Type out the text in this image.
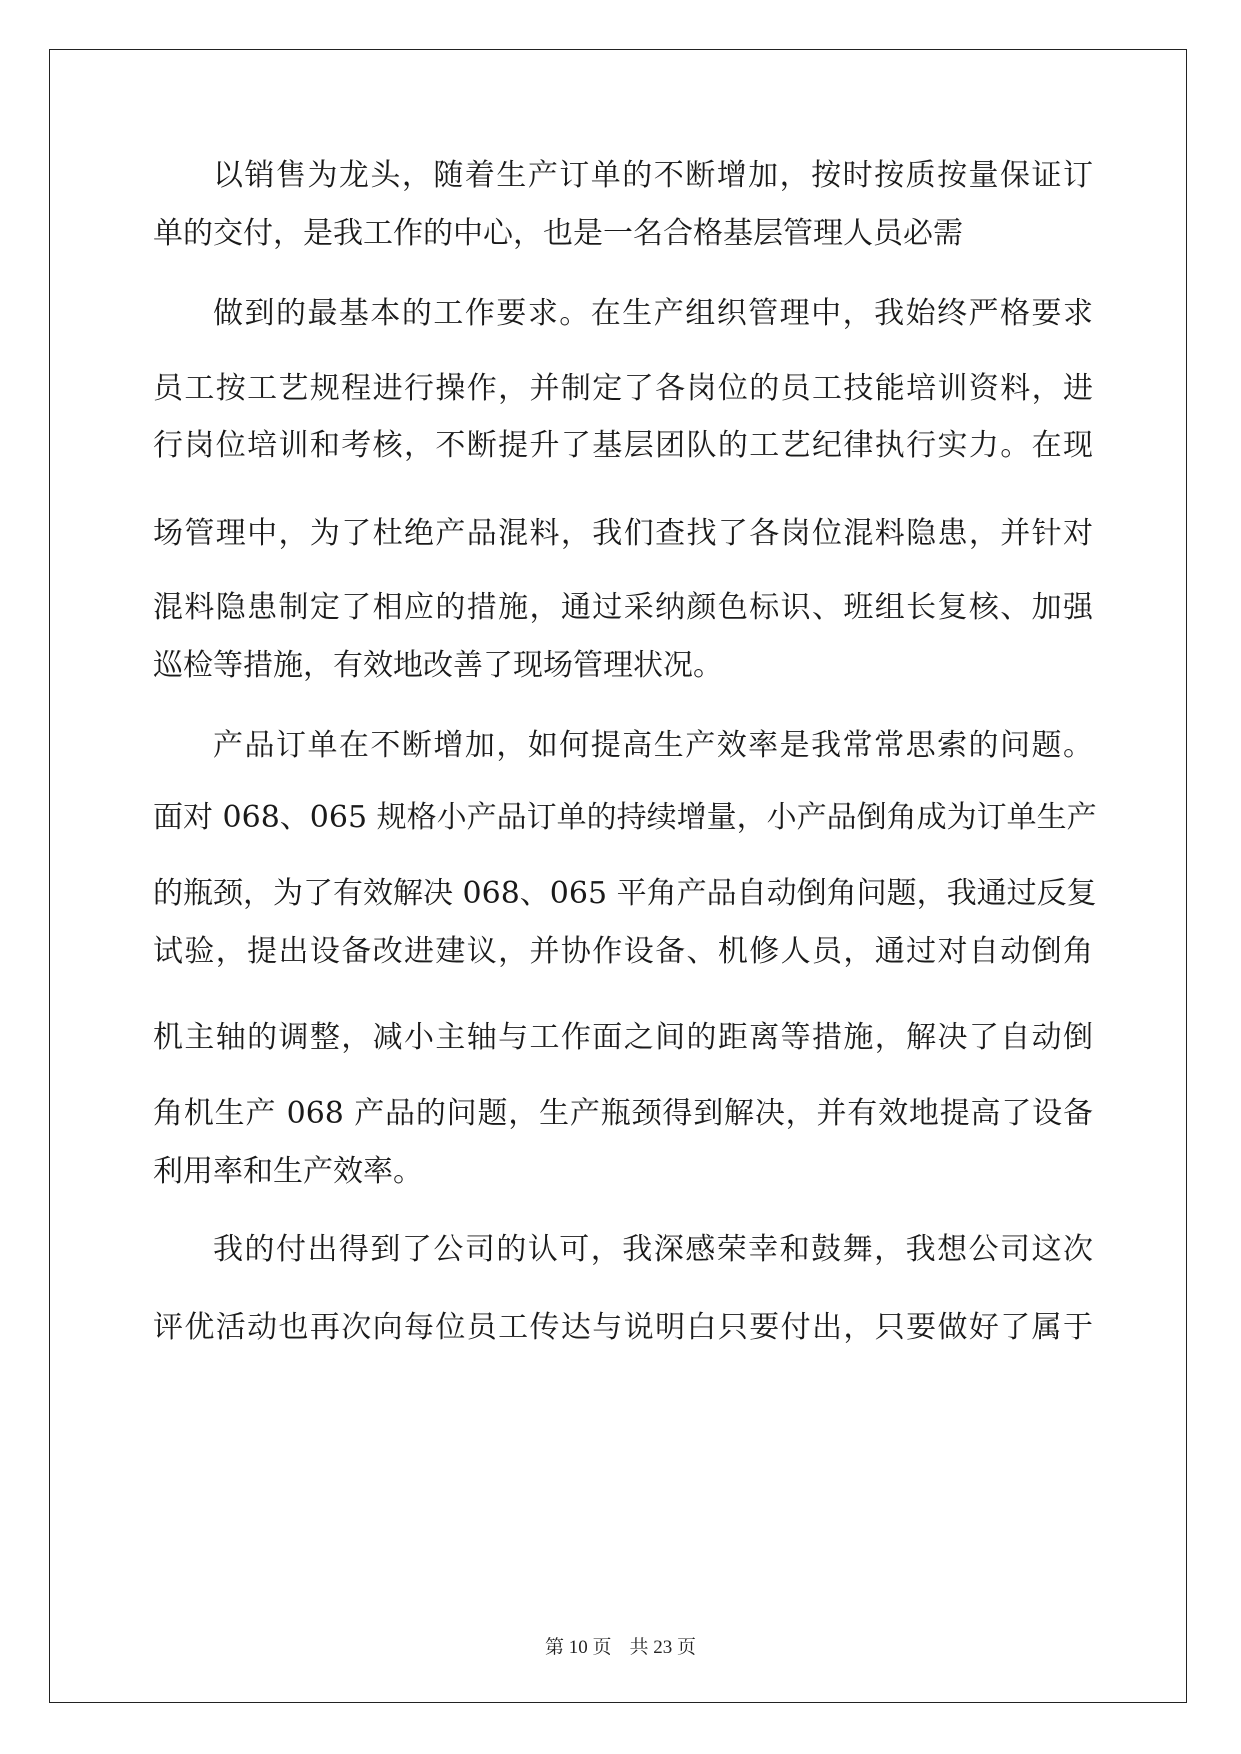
以销售为龙头，随着生产订单的不断增加，按时按质按量保证订
单的交付，是我工作的中心，也是一名合格基层管理人员必需
做到的最基本的工作要求。在生产组织管理中，我始终严格要求
员工按工艺规程进行操作，并制定了各岗位的员工技能培训资料，进
行岗位培训和考核，不断提升了基层团队的工艺纪律执行实力。在现
场管理中，为了杜绝产品混料，我们查找了各岗位混料隐患，并针对
混料隐患制定了相应的措施，通过采纳颜色标识、班组长复核、加强
巡检等措施，有效地改善了现场管理状况。
产品订单在不断增加，如何提高生产效率是我常常思索的问题。
面对 068、065 规格小产品订单的持续增量，小产品倒角成为订单生产
的瓶颈，为了有效解决 068、065 平角产品自动倒角问题，我通过反复
试验，提出设备改进建议，并协作设备、机修人员，通过对自动倒角
机主轴的调整，减小主轴与工作面之间的距离等措施，解决了自动倒
角机生产 068 产品的问题，生产瓶颈得到解决，并有效地提高了设备
利用率和生产效率。
我的付出得到了公司的认可，我深感荣幸和鼓舞，我想公司这次
评优活动也再次向每位员工传达与说明白只要付出，只要做好了属于
第 10 页 共 23 页
